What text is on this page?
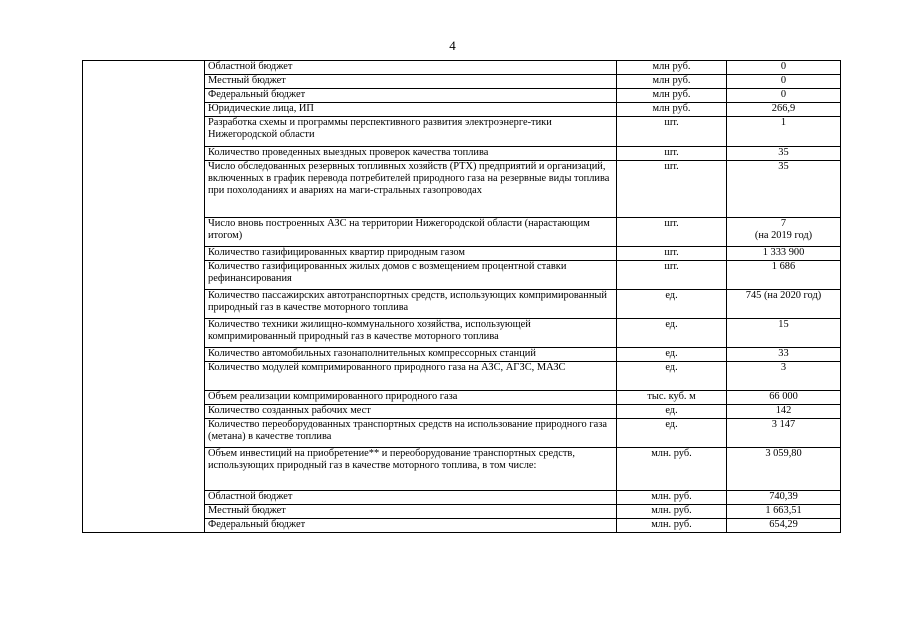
4
	Областной бюджет	млн руб.	0
	Местный бюджет	млн руб.	0
	Федеральный бюджет	млн руб.	0
	Юридические лица, ИП	млн руб.	266,9
	Разработка схемы и программы перспективного развития электроэнерге-тики Нижегородской области	шт.	1
	Количество проведенных выездных проверок качества топлива	шт.	35
	Число обследованных резервных топливных хозяйств (РТХ) предприятий и организаций, включенных в график перевода потребителей природного газа на резервные виды топлива при похолоданиях и авариях на маги-стральных газопроводах	шт.	35
	Число вновь построенных АЗС на территории Нижегородской области (нарастающим итогом)	шт.	7
(на 2019 год)

	Количество газифицированных квартир природным газом	шт.	1 333 900
	Количество газифицированных жилых домов с возмещением процентной ставки рефинансирования	шт.	1 686
	Количество пассажирских автотранспортных средств, использующих компримированный природный газ в качестве моторного топлива	ед.	745 (на 2020 год)
	Количество техники жилищно-коммунального хозяйства, использующей компримированный природный газ в качестве моторного топлива	ед.	15
	Количество автомобильных газонаполнительных компрессорных станций	ед.	33
	Количество модулей компримированного природного газа на АЗС, АГЗС, МАЗС	ед.	3
	Объем реализации компримированного природного газа	тыс. куб. м	66 000
	Количество созданных рабочих мест	ед.	142
	Количество переоборудованных транспортных средств на использование природного газа (метана) в качестве топлива	ед.	3 147
	Объем инвестиций на приобретение** и переоборудование транспортных средств, использующих природный газ в качестве моторного топлива, в том числе:	млн. руб.	3 059,80
	Областной бюджет	млн. руб.	740,39
	Местный бюджет	млн. руб.	1 663,51
	Федеральный бюджет	млн. руб.	654,29
